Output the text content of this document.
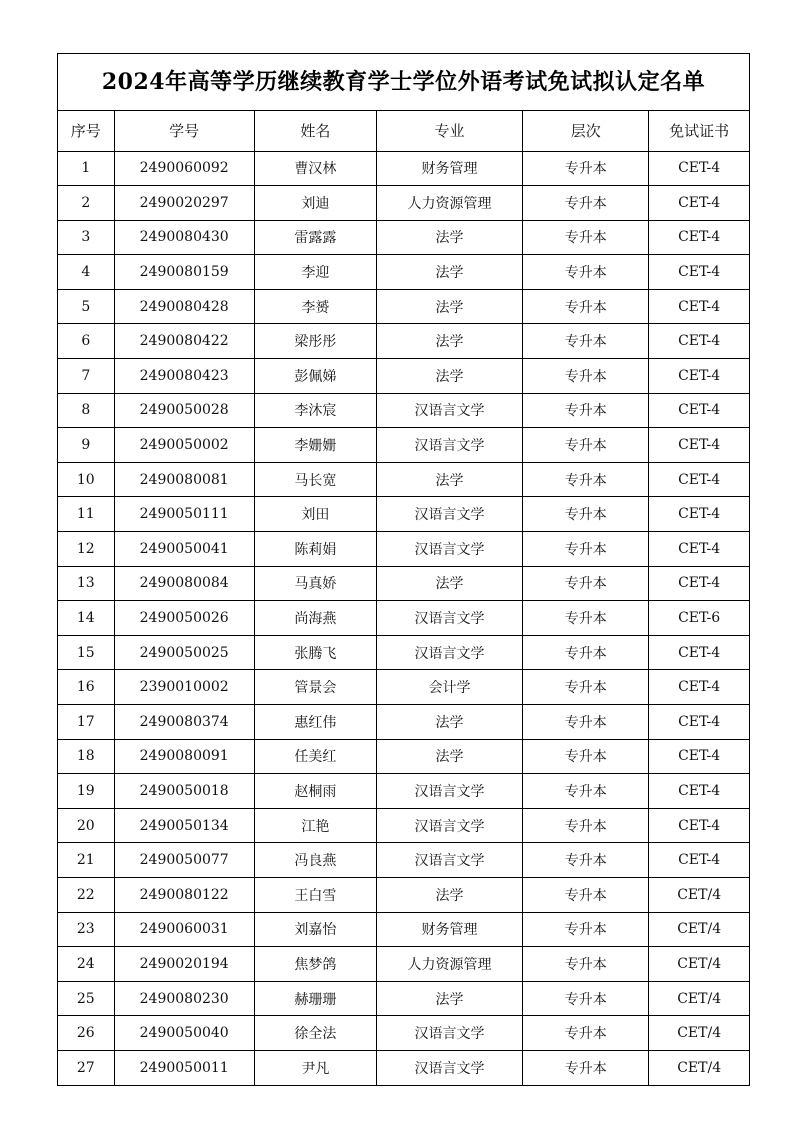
2024年高等学历继续教育学士学位外语考试免试拟认定名单
序号	学号	姓名	专业	层次	免试证书
1	2490060092	曹汉林	财务管理	专升本	CET-4
2	2490020297	刘迪	人力资源管理	专升本	CET-4
3	2490080430	雷露露	法学	专升本	CET-4
4	2490080159	李迎	法学	专升本	CET-4
5	2490080428	李赟	法学	专升本	CET-4
6	2490080422	梁彤彤	法学	专升本	CET-4
7	2490080423	彭佩娣	法学	专升本	CET-4
8	2490050028	李沐宸	汉语言文学	专升本	CET-4
9	2490050002	李姗姗	汉语言文学	专升本	CET-4
10	2490080081	马长宽	法学	专升本	CET-4
11	2490050111	刘田	汉语言文学	专升本	CET-4
12	2490050041	陈莉娟	汉语言文学	专升本	CET-4
13	2490080084	马真娇	法学	专升本	CET-4
14	2490050026	尚海燕	汉语言文学	专升本	CET-6
15	2490050025	张腾飞	汉语言文学	专升本	CET-4
16	2390010002	管景会	会计学	专升本	CET-4
17	2490080374	惠红伟	法学	专升本	CET-4
18	2490080091	任美红	法学	专升本	CET-4
19	2490050018	赵桐雨	汉语言文学	专升本	CET-4
20	2490050134	江艳	汉语言文学	专升本	CET-4
21	2490050077	冯良燕	汉语言文学	专升本	CET-4
22	2490080122	王白雪	法学	专升本	CET/4
23	2490060031	刘嘉怡	财务管理	专升本	CET/4
24	2490020194	焦梦鸽	人力资源管理	专升本	CET/4
25	2490080230	赫珊珊	法学	专升本	CET/4
26	2490050040	徐全法	汉语言文学	专升本	CET/4
27	2490050011	尹凡	汉语言文学	专升本	CET/4
